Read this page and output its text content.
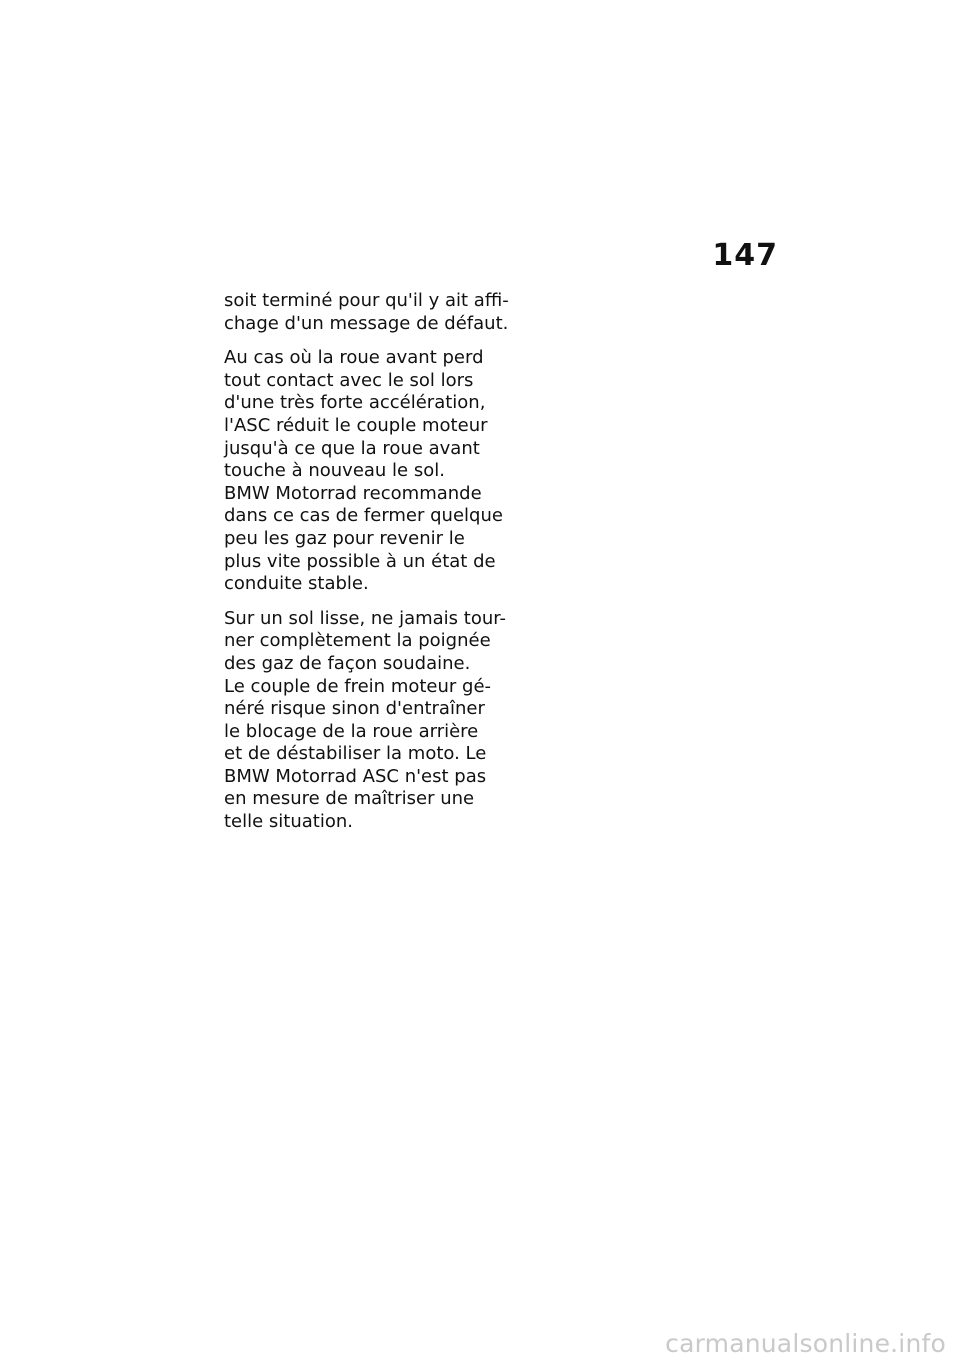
147
soit terminé pour qu'il y ait affi-
chage d'un message de défaut.
Au cas où la roue avant perd
tout contact avec le sol lors
d'une très forte accélération,
l'ASC réduit le couple moteur
jusqu'à ce que la roue avant
touche à nouveau le sol.
BMW Motorrad recommande
dans ce cas de fermer quelque
peu les gaz pour revenir le
plus vite possible à un état de
conduite stable.
Sur un sol lisse, ne jamais tour-
ner complètement la poignée
des gaz de façon soudaine.
Le couple de frein moteur gé-
néré risque sinon d'entraîner
le blocage de la roue arrière
et de déstabiliser la moto. Le
BMW Motorrad ASC n'est pas
en mesure de maîtriser une
telle situation.
carmanualsonline.info
